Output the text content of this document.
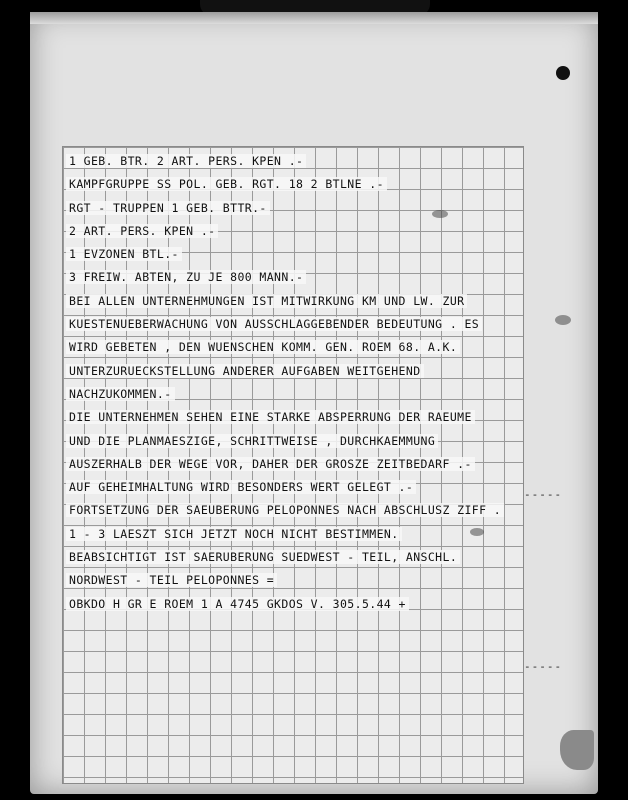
1 GEB. BTR. 2 ART. PERS. KPEN .-
KAMPFGRUPPE SS POL. GEB. RGT. 18 2 BTLNE .-
RGT - TRUPPEN 1 GEB. BTTR.-
2 ART. PERS. KPEN .-
1 EVZONEN BTL.-
3 FREIW. ABTEN, ZU JE 800 MANN.-
BEI ALLEN UNTERNEHMUNGEN IST MITWIRKUNG KM UND LW. ZUR
KUESTENUEBERWACHUNG VON AUSSCHLAGGEBENDER BEDEUTUNG . ES
WIRD GEBETEN , DEN WUENSCHEN KOMM. GEN. ROEM 68. A.K.
UNTERZURUECKSTELLUNG ANDERER AUFGABEN WEITGEHEND
NACHZUKOMMEN.-
DIE UNTERNEHMEN SEHEN EINE STARKE ABSPERRUNG DER RAEUME
UND DIE PLANMAESZIGE, SCHRITTWEISE , DURCHKAEMMUNG
AUSZERHALB DER WEGE VOR, DAHER DER GROSZE ZEITBEDARF .-
AUF GEHEIMHALTUNG WIRD BESONDERS WERT GELEGT .-
FORTSETZUNG DER SAEUBERUNG PELOPONNES NACH ABSCHLUSZ ZIFF .
1 - 3 LAESZT SICH JETZT NOCH NICHT BESTIMMEN.
BEABSICHTIGT IST SAERUBERUNG SUEDWEST - TEIL, ANSCHL.
NORDWEST - TEIL PELOPONNES =
OBKDO H GR E ROEM 1 A 4745 GKDOS V. 305.5.44 +
-----
-----
